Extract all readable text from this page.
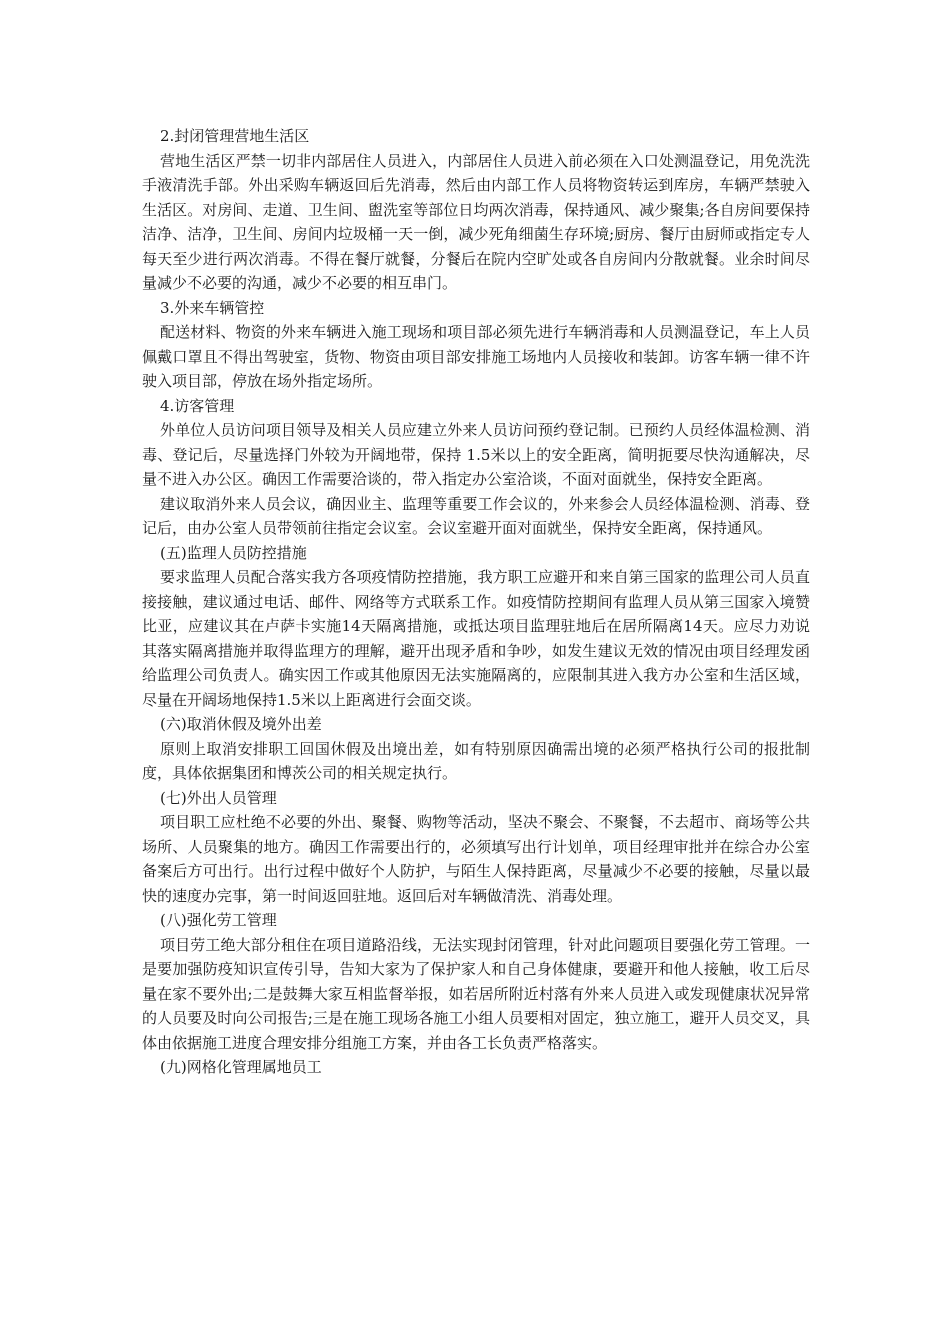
2.封闭管理营地生活区

营地生活区严禁一切非内部居住人员进入，内部居住人员进入前必须在入口处测温登记，用免洗洗手液清洗手部。外出采购车辆返回后先消毒，然后由内部工作人员将物资转运到库房，车辆严禁驶入生活区。对房间、走道、卫生间、盥洗室等部位日均两次消毒，保持通风、减少聚集;各自房间要保持洁净、洁净，卫生间、房间内垃圾桶一天一倒，减少死角细菌生存环境;厨房、餐厅由厨师或指定专人每天至少进行两次消毒。不得在餐厅就餐，分餐后在院内空旷处或各自房间内分散就餐。业余时间尽量减少不必要的沟通，减少不必要的相互串门。

3.外来车辆管控

配送材料、物资的外来车辆进入施工现场和项目部必须先进行车辆消毒和人员测温登记，车上人员佩戴口罩且不得出驾驶室，货物、物资由项目部安排施工场地内人员接收和装卸。访客车辆一律不许驶入项目部，停放在场外指定场所。

4.访客管理

外单位人员访问项目领导及相关人员应建立外来人员访问预约登记制。已预约人员经体温检测、消毒、登记后，尽量选择门外较为开阔地带，保持 1.5米以上的安全距离，简明扼要尽快沟通解决，尽量不进入办公区。确因工作需要洽谈的，带入指定办公室洽谈，不面对面就坐，保持安全距离。

建议取消外来人员会议，确因业主、监理等重要工作会议的，外来参会人员经体温检测、消毒、登记后，由办公室人员带领前往指定会议室。会议室避开面对面就坐，保持安全距离，保持通风。

(五)监理人员防控措施

要求监理人员配合落实我方各项疫情防控措施，我方职工应避开和来自第三国家的监理公司人员直接接触，建议通过电话、邮件、网络等方式联系工作。如疫情防控期间有监理人员从第三国家入境赞比亚，应建议其在卢萨卡实施14天隔离措施，或抵达项目监理驻地后在居所隔离14天。应尽力劝说其落实隔离措施并取得监理方的理解，避开出现矛盾和争吵，如发生建议无效的情况由项目经理发函给监理公司负责人。确实因工作或其他原因无法实施隔离的，应限制其进入我方办公室和生活区域，尽量在开阔场地保持1.5米以上距离进行会面交谈。

(六)取消休假及境外出差

原则上取消安排职工回国休假及出境出差，如有特别原因确需出境的必须严格执行公司的报批制度，具体依据集团和博茨公司的相关规定执行。

(七)外出人员管理

项目职工应杜绝不必要的外出、聚餐、购物等活动，坚决不聚会、不聚餐，不去超市、商场等公共场所、人员聚集的地方。确因工作需要出行的，必须填写出行计划单，项目经理审批并在综合办公室备案后方可出行。出行过程中做好个人防护，与陌生人保持距离，尽量减少不必要的接触，尽量以最快的速度办完事，第一时间返回驻地。返回后对车辆做清洗、消毒处理。

(八)强化劳工管理

项目劳工绝大部分租住在项目道路沿线，无法实现封闭管理，针对此问题项目要强化劳工管理。一是要加强防疫知识宣传引导，告知大家为了保护家人和自己身体健康，要避开和他人接触，收工后尽量在家不要外出;二是鼓舞大家互相监督举报，如若居所附近村落有外来人员进入或发现健康状况异常的人员要及时向公司报告;三是在施工现场各施工小组人员要相对固定，独立施工，避开人员交叉，具体由依据施工进度合理安排分组施工方案，并由各工长负责严格落实。

(九)网格化管理属地员工
